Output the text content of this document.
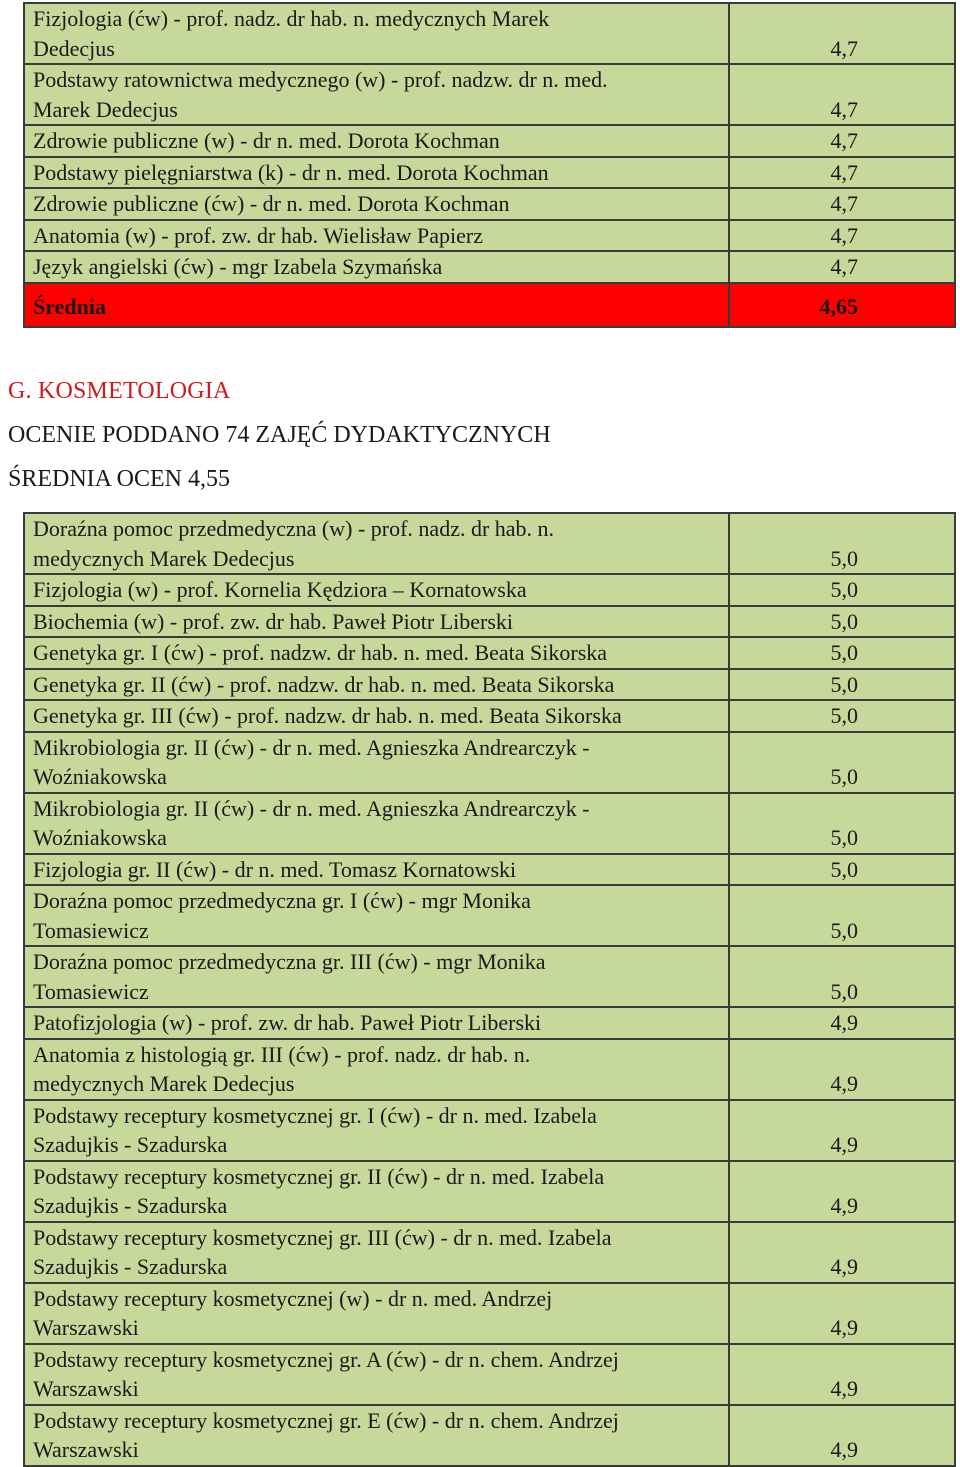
Fizjologia (ćw) - prof. nadz. dr hab. n. medycznych Marek
Dedecjus	4,7
Podstawy ratownictwa medycznego (w) - prof. nadzw. dr n. med.
Marek Dedecjus	4,7
Zdrowie publiczne (w) - dr n. med. Dorota Kochman	4,7
Podstawy pielęgniarstwa (k) - dr n. med. Dorota Kochman	4,7
Zdrowie publiczne (ćw) - dr n. med. Dorota Kochman	4,7
Anatomia (w) - prof. zw. dr hab. Wielisław Papierz	4,7
Język angielski (ćw) - mgr Izabela Szymańska	4,7
Średnia	4,65
G. KOSMETOLOGIA

OCENIE PODDANO 74 ZAJĘĆ DYDAKTYCZNYCH

ŚREDNIA OCEN 4,55

Doraźna pomoc przedmedyczna (w) - prof. nadz. dr hab. n.
medycznych Marek Dedecjus	5,0
Fizjologia (w) - prof. Kornelia Kędziora – Kornatowska	5,0
Biochemia (w) - prof. zw. dr hab. Paweł Piotr Liberski	5,0
Genetyka gr. I (ćw) - prof. nadzw. dr hab. n. med. Beata Sikorska	5,0
Genetyka gr. II (ćw) - prof. nadzw. dr hab. n. med. Beata Sikorska	5,0
Genetyka gr. III (ćw) - prof. nadzw. dr hab. n. med. Beata Sikorska	5,0
Mikrobiologia gr. II (ćw) - dr n. med. Agnieszka Andrearczyk -
Woźniakowska	5,0
Mikrobiologia gr. II (ćw) - dr n. med. Agnieszka Andrearczyk -
Woźniakowska	5,0
Fizjologia gr. II (ćw) - dr n. med. Tomasz Kornatowski	5,0
Doraźna pomoc przedmedyczna gr. I (ćw) - mgr Monika
Tomasiewicz	5,0
Doraźna pomoc przedmedyczna gr. III (ćw) - mgr Monika
Tomasiewicz	5,0
Patofizjologia (w) - prof. zw. dr hab. Paweł Piotr Liberski	4,9
Anatomia z histologią gr. III (ćw) - prof. nadz. dr hab. n.
medycznych Marek Dedecjus	4,9
Podstawy receptury kosmetycznej gr. I (ćw) - dr n. med. Izabela
Szadujkis - Szadurska	4,9
Podstawy receptury kosmetycznej gr. II (ćw) - dr n. med. Izabela
Szadujkis - Szadurska	4,9
Podstawy receptury kosmetycznej gr. III (ćw) - dr n. med. Izabela
Szadujkis - Szadurska	4,9
Podstawy receptury kosmetycznej (w) - dr n. med. Andrzej
Warszawski	4,9
Podstawy receptury kosmetycznej gr. A (ćw) - dr n. chem. Andrzej
Warszawski	4,9
Podstawy receptury kosmetycznej gr. E (ćw) - dr n. chem. Andrzej
Warszawski	4,9
